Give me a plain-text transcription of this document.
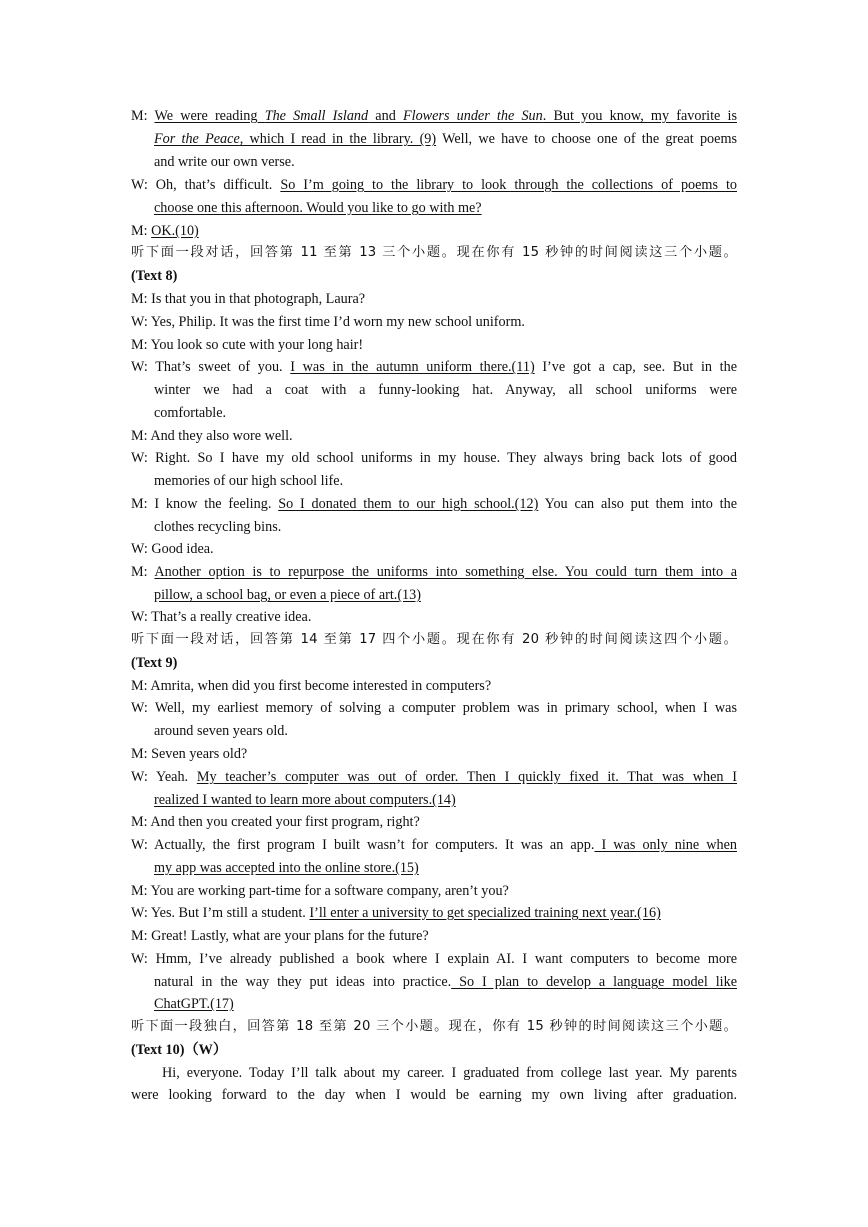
M: We were reading The Small Island and Flowers under the Sun. But you know, my favorite is
For the Peace, which I read in the library. (9) Well, we have to choose one of the great poems
and write our own verse.
W: Oh, that’s difficult. So I’m going to the library to look through the collections of poems to
choose one this afternoon. Would you like to go with me?
M: OK.(10)
听下面一段对话，回答第 11 至第 13 三个小题。现在你有 15 秒钟的时间阅读这三个小题。
(Text 8)
M: Is that you in that photograph, Laura?
W: Yes, Philip. It was the first time I’d worn my new school uniform.
M: You look so cute with your long hair!
W: That’s sweet of you. I was in the autumn uniform there.(11) I’ve got a cap, see. But in the
winter we had a coat with a funny-looking hat. Anyway, all school uniforms were
comfortable.
M: And they also wore well.
W: Right. So I have my old school uniforms in my house. They always bring back lots of good
memories of our high school life.
M: I know the feeling. So I donated them to our high school.(12) You can also put them into the
clothes recycling bins.
W: Good idea.
M: Another option is to repurpose the uniforms into something else. You could turn them into a
pillow, a school bag, or even a piece of art.(13)
W: That’s a really creative idea.
听下面一段对话，回答第 14 至第 17 四个小题。现在你有 20 秒钟的时间阅读这四个小题。
(Text 9)
M: Amrita, when did you first become interested in computers?
W: Well, my earliest memory of solving a computer problem was in primary school, when I was
around seven years old.
M: Seven years old?
W: Yeah. My teacher’s computer was out of order. Then I quickly fixed it. That was when I
realized I wanted to learn more about computers.(14)
M: And then you created your first program, right?
W: Actually, the first program I built wasn’t for computers. It was an app. I was only nine when
my app was accepted into the online store.(15)
M: You are working part-time for a software company, aren’t you?
W: Yes. But I’m still a student. I’ll enter a university to get specialized training next year.(16)
M: Great! Lastly, what are your plans for the future?
W: Hmm, I’ve already published a book where I explain AI. I want computers to become more
natural in the way they put ideas into practice. So I plan to develop a language model like
ChatGPT.(17)
听下面一段独白，回答第 18 至第 20 三个小题。现在，你有 15 秒钟的时间阅读这三个小题。
(Text 10)（W）
Hi, everyone. Today I’ll talk about my career. I graduated from college last year. My parents
were looking forward to the day when I would be earning my own living after graduation.
